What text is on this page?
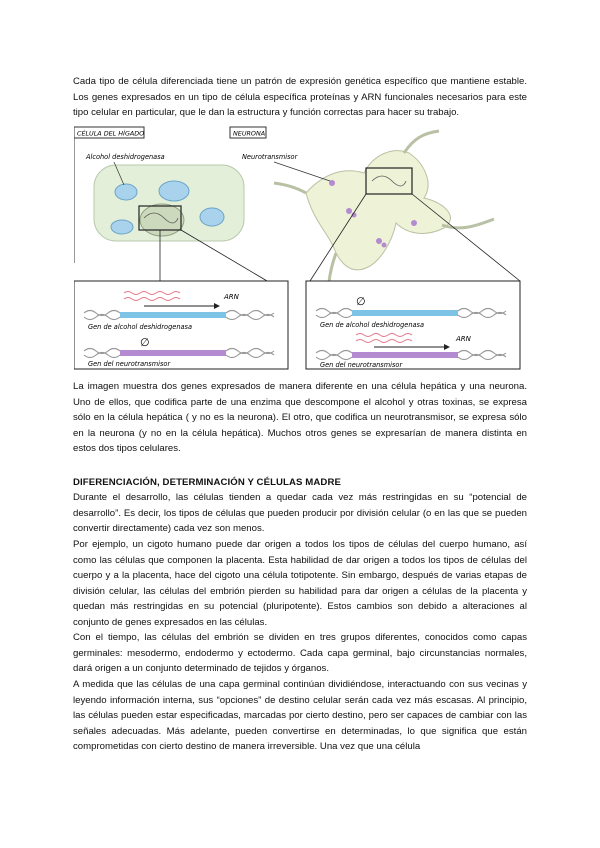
Cada tipo de célula diferenciada tiene un patrón de expresión genética específico que mantiene estable. Los genes expresados en un tipo de célula específica proteínas y ARN funcionales necesarios para este tipo celular en particular, que le dan la estructura y función correctas para hacer su trabajo.

CÉLULA DEL HÍGADO
Alcohol deshidrogenasa
ARN
Gen de alcohol deshidrogenasa
∅
Gen del neurotransmisor
NEURONA
Neurotransmisor
∅
Gen de alcohol deshidrogenasa
ARN
Gen del neurotransmisor

La imagen muestra dos genes expresados de manera diferente en una célula hepática y una neurona. Uno de ellos, que codifica parte de una enzima que descompone el alcohol y otras toxinas, se expresa sólo en la célula hepática ( y no es la neurona). El otro, que codifica un neurotransmisor, se expresa sólo en la neurona (y no en la célula hepática). Muchos otros genes se expresarían de manera distinta en estos dos tipos celulares.

DIFERENCIACIÓN, DETERMINACIÓN Y CÉLULAS MADRE

Durante el desarrollo, las células tienden a quedar cada vez más restringidas en su “potencial de desarrollo”. Es decir, los tipos de células que pueden producir por división celular (o en las que se pueden convertir directamente) cada vez son menos.

Por ejemplo, un cigoto humano puede dar origen a todos los tipos de células del cuerpo humano, así como las células que componen la placenta. Esta habilidad de dar origen a todos los tipos de células del cuerpo y a la placenta, hace del cigoto una célula totipotente. Sin embargo, después de varias etapas de división celular, las células del embrión pierden su habilidad para dar origen a células de la placenta y quedan más restringidas en su potencial (pluripotente). Estos cambios son debido a alteraciones al conjunto de genes expresados en las células.

Con el tiempo, las células del embrión se dividen en tres grupos diferentes, conocidos como capas germinales: mesodermo, endodermo y ectodermo. Cada capa germinal, bajo circunstancias normales, dará origen a un conjunto determinado de tejidos y órganos.

A medida que las células de una capa germinal continúan dividiéndose, interactuando con sus vecinas y leyendo información interna, sus “opciones” de destino celular serán cada vez más escasas. Al principio, las células pueden estar especificadas, marcadas por cierto destino, pero ser capaces de cambiar con las señales adecuadas. Más adelante, pueden convertirse en determinadas, lo que significa que están comprometidas con cierto destino de manera irreversible. Una vez que una célula
